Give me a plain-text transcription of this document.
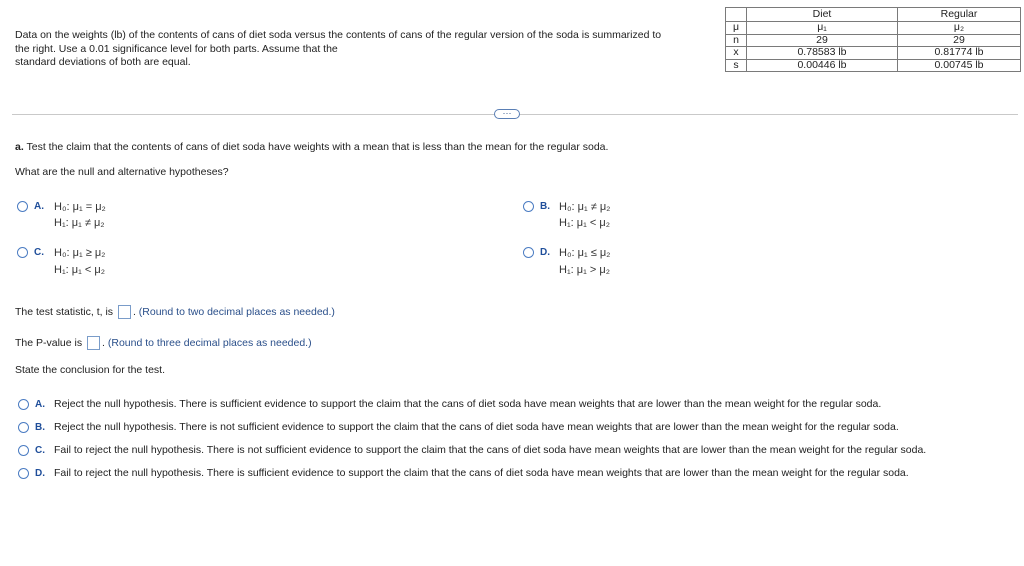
Data on the weights (lb) of the contents of cans of diet soda versus the contents of cans of the regular version of the soda is summarized to
the right. Use a 0.01 significance level for both parts. Assume that the
standard deviations of both are equal.
	Diet	Regular
μ	μ₁	μ₂
n	29	29
x	0.78583 lb	0.81774 lb
s	0.00446 lb	0.00745 lb
···
a. Test the claim that the contents of cans of diet soda have weights with a mean that is less than the mean for the regular soda.
What are the null and alternative hypotheses?
A. H₀: μ₁ = μ₂
H₁: μ₁ ≠ μ₂
B. H₀: μ₁ ≠ μ₂
H₁: μ₁ < μ₂
C. H₀: μ₁ ≥ μ₂
H₁: μ₁ < μ₂
D. H₀: μ₁ ≤ μ₂
H₁: μ₁ > μ₂
The test statistic, t, is . (Round to two decimal places as needed.)
The P-value is . (Round to three decimal places as needed.)
State the conclusion for the test.
A. Reject the null hypothesis. There is sufficient evidence to support the claim that the cans of diet soda have mean weights that are lower than the mean weight for the regular soda.
B. Reject the null hypothesis. There is not sufficient evidence to support the claim that the cans of diet soda have mean weights that are lower than the mean weight for the regular soda.
C. Fail to reject the null hypothesis. There is not sufficient evidence to support the claim that the cans of diet soda have mean weights that are lower than the mean weight for the regular soda.
D. Fail to reject the null hypothesis. There is sufficient evidence to support the claim that the cans of diet soda have mean weights that are lower than the mean weight for the regular soda.
